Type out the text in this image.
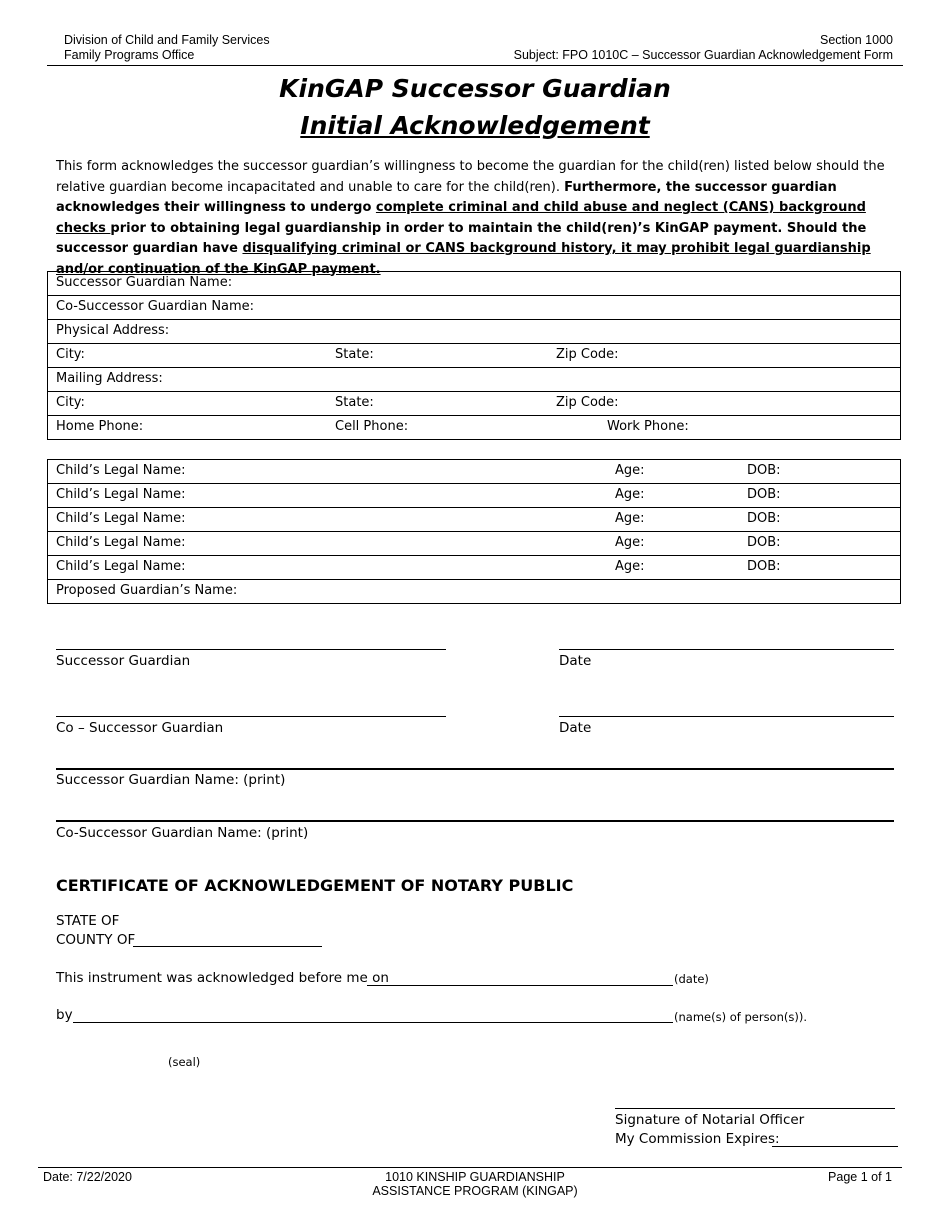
Division of Child and Family Services
Family Programs Office
Section 1000
Subject: FPO 1010C – Successor Guardian Acknowledgement Form
KinGAP Successor Guardian
Initial Acknowledgement
This form acknowledges the successor guardian’s willingness to become the guardian for the child(ren) listed below should the relative guardian become incapacitated and unable to care for the child(ren). Furthermore, the successor guardian acknowledges their willingness to undergo complete criminal and child abuse and neglect (CANS) background checks prior to obtaining legal guardianship in order to maintain the child(ren)’s KinGAP payment. Should the successor guardian have disqualifying criminal or CANS background history, it may prohibit legal guardianship and/or continuation of the KinGAP payment.
Successor Guardian Name:

Co-Successor Guardian Name:

Physical Address:

City:	State:	Zip Code:

Mailing Address:

City:	State:	Zip Code:

Home Phone:	Cell Phone:	Work Phone:
Child’s Legal Name:	Age:	DOB:

Child’s Legal Name:	Age:	DOB:

Child’s Legal Name:	Age:	DOB:

Child’s Legal Name:	Age:	DOB:

Child’s Legal Name:	Age:	DOB:

Proposed Guardian’s Name:
Successor Guardian	Date
Co – Successor Guardian	Date
Successor Guardian Name: (print)
Co-Successor Guardian Name: (print)
CERTIFICATE OF ACKNOWLEDGEMENT OF NOTARY PUBLIC
STATE OF
COUNTY OF
This instrument was acknowledged before me on	(date)
by	(name(s) of person(s)).
(seal)
Signature of Notarial Officer
My Commission Expires:
Date: 7/22/2020	1010 KINSHIP GUARDIANSHIP
ASSISTANCE PROGRAM (KINGAP)
Page 1 of 1
